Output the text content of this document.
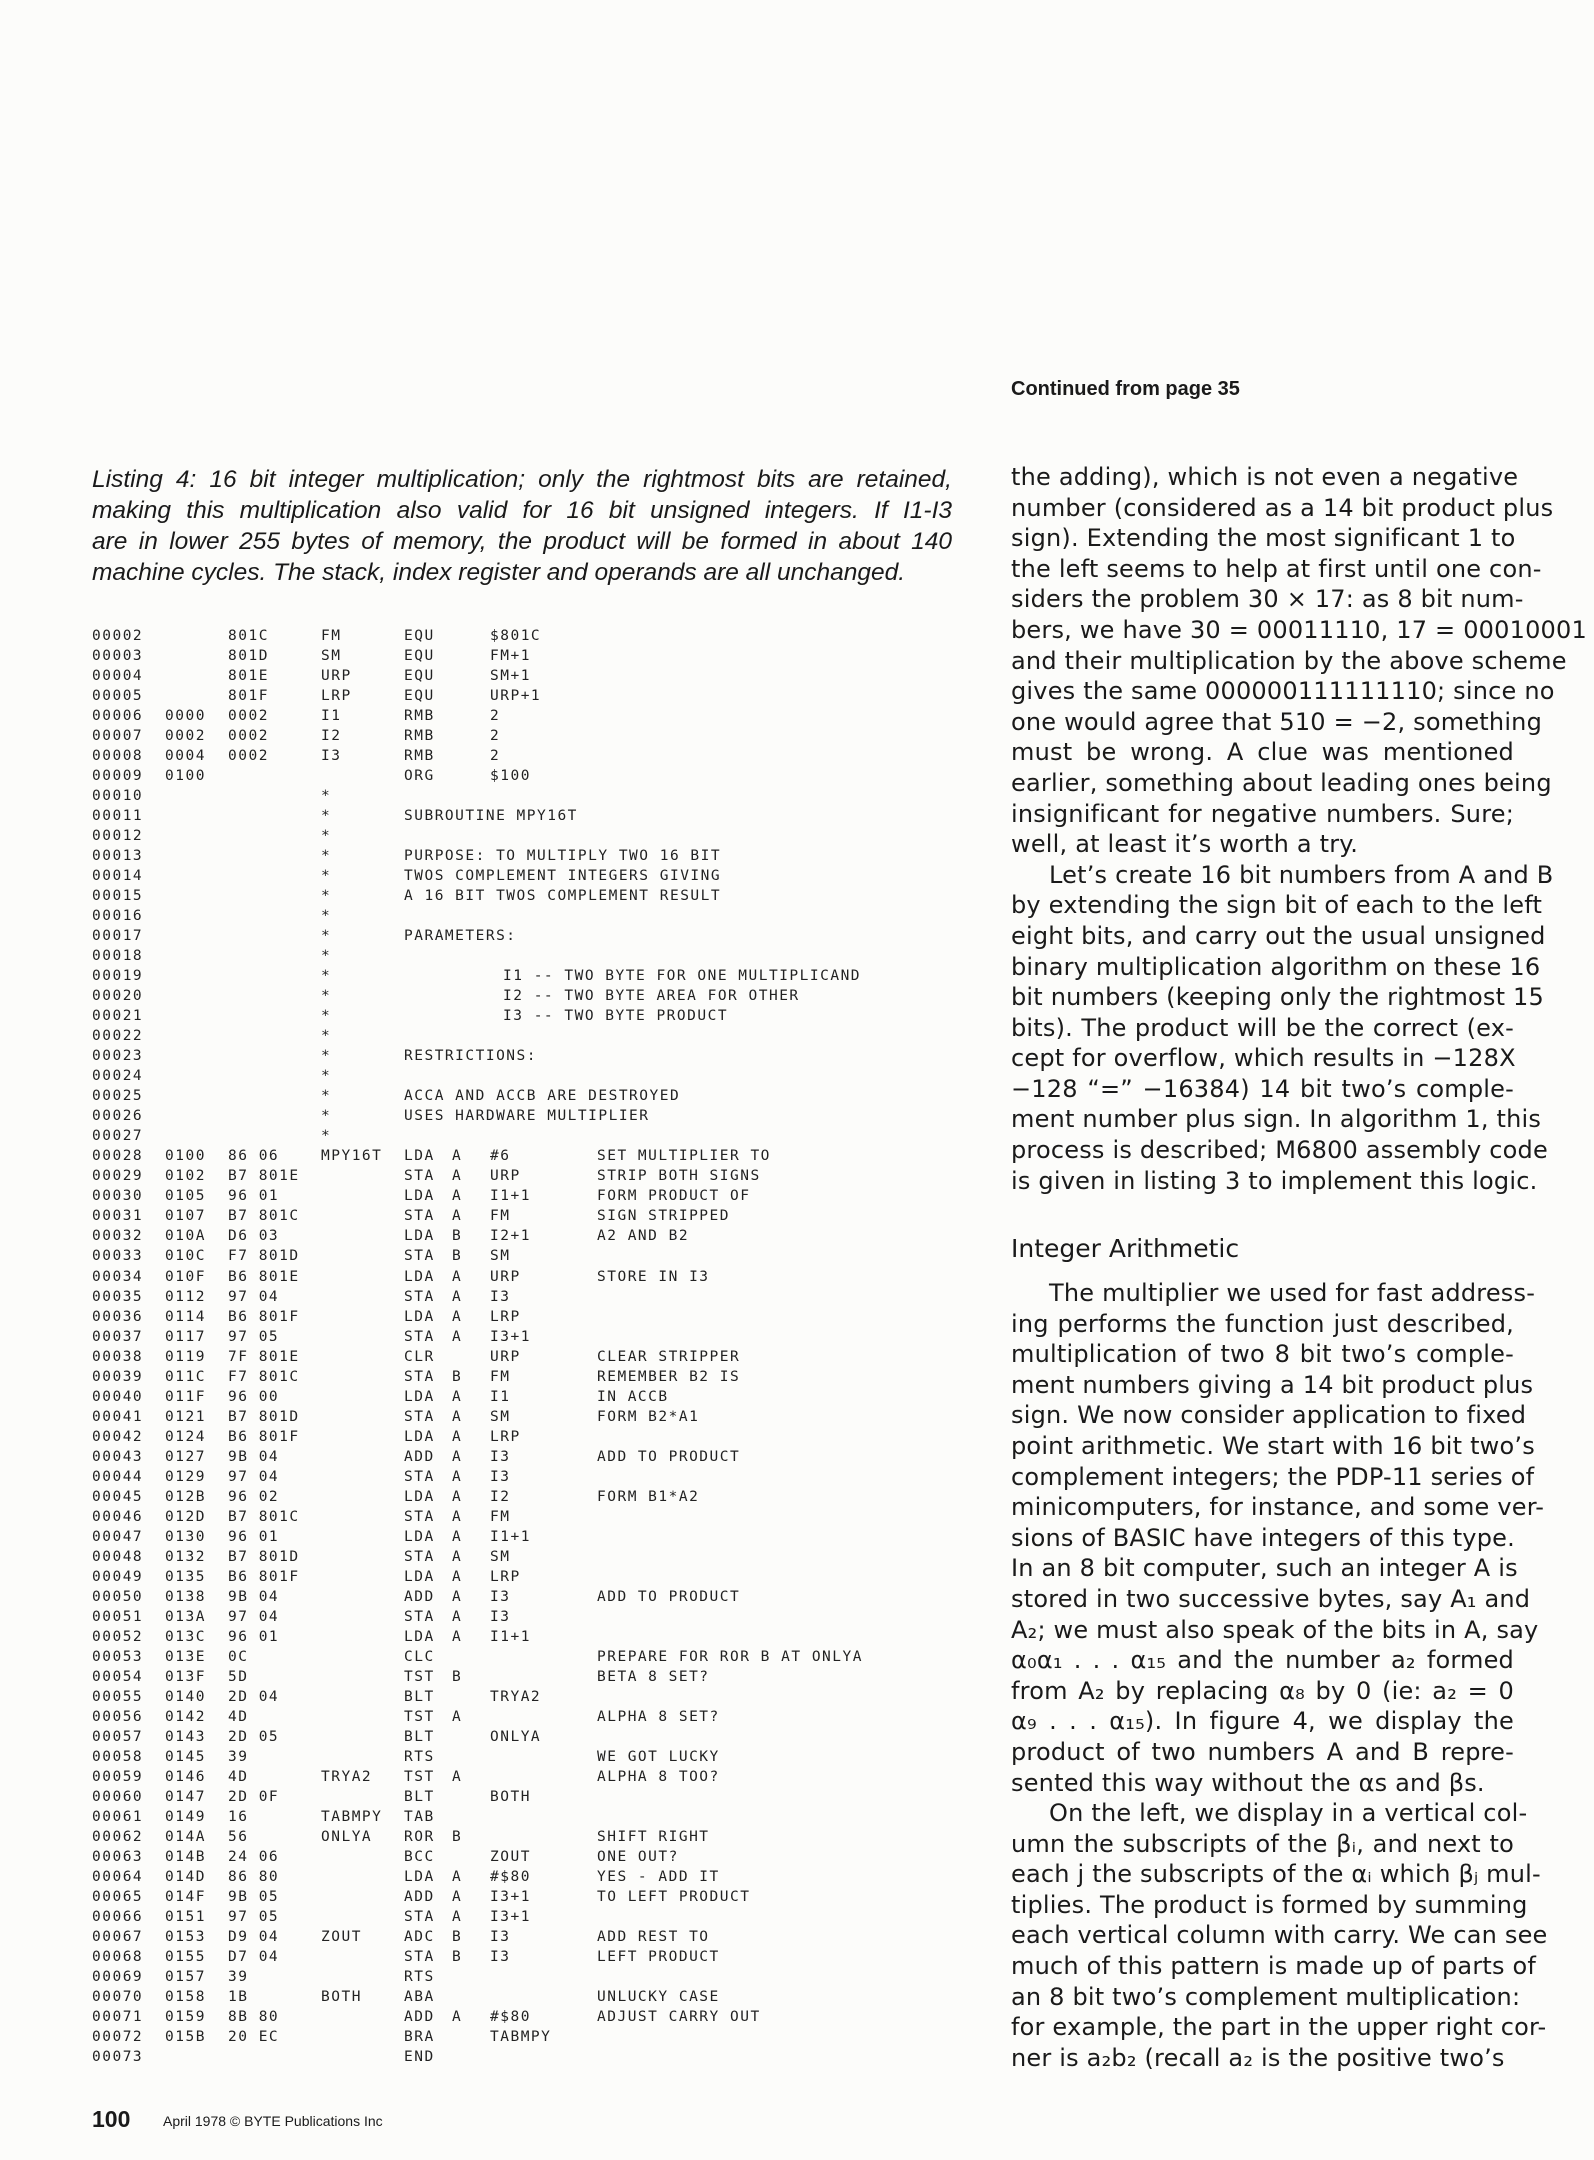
Continued from page 35
Listing 4: 16 bit integer multiplication; only the rightmost bits are retained,
making this multiplication also valid for 16 bit unsigned integers. If I1-I3
are in lower 255 bytes of memory, the product will be formed in about 140
machine cycles. The stack, index register and operands are all unchanged.
00002	801C	FM	EQU	$801C
00003	801D	SM	EQU	FM+1
00004	801E	URP	EQU	SM+1
00005	801F	LRP	EQU	URP+1
00006 0000 0002	I1	RMB	2
00007 0002 0002	I2	RMB	2
00008 0004 0002	I3	RMB	2
00009 0100	ORG	$100
00010	*
00011	*	SUBROUTINE MPY16T
00012	*
00013	*	PURPOSE: TO MULTIPLY TWO 16 BIT
00014	*	TWOS COMPLEMENT INTEGERS GIVING
00015	*	A 16 BIT TWOS COMPLEMENT RESULT
00016	*
00017	*	PARAMETERS:
00018	*
00019	*	I1 -- TWO BYTE FOR ONE MULTIPLICAND
00020	*	I2 -- TWO BYTE AREA FOR OTHER
00021	*	I3 -- TWO BYTE PRODUCT
00022	*
00023	*	RESTRICTIONS:
00024	*
00025	*	ACCA AND ACCB ARE DESTROYED
00026	*	USES HARDWARE MULTIPLIER
00027	*
00028 0100 86 06	MPY16T LDA A #6	SET MULTIPLIER TO
00029 0102 B7 801E	STA A URP	STRIP BOTH SIGNS
00030 0105 96 01	LDA A I1+1	FORM PRODUCT OF
00031 0107 B7 801C	STA A FM	SIGN STRIPPED
00032 010A D6 03	LDA B I2+1	A2 AND B2
00033 010C F7 801D	STA B SM
00034 010F B6 801E	LDA A URP	STORE IN I3
00035 0112 97 04	STA A I3
00036 0114 B6 801F	LDA A LRP
00037 0117 97 05	STA A I3+1
00038 0119 7F 801E	CLR	URP	CLEAR STRIPPER
00039 011C F7 801C	STA B FM	REMEMBER B2 IS
00040 011F 96 00	LDA A I1	IN ACCB
00041 0121 B7 801D	STA A SM	FORM B2*A1
00042 0124 B6 801F	LDA A LRP
00043 0127 9B 04	ADD A I3	ADD TO PRODUCT
00044 0129 97 04	STA A I3
00045 012B 96 02	LDA A I2	FORM B1*A2
00046 012D B7 801C	STA A FM
00047 0130 96 01	LDA A I1+1
00048 0132 B7 801D	STA A SM
00049 0135 B6 801F	LDA A LRP
00050 0138 9B 04	ADD A I3	ADD TO PRODUCT
00051 013A 97 04	STA A I3
00052 013C 96 01	LDA A I1+1
00053 013E 0C	CLC	PREPARE FOR ROR B AT ONLYA
00054 013F 5D	TST B	BETA 8 SET?
00055 0140 2D 04	BLT	TRYA2
00056 0142 4D	TST A	ALPHA 8 SET?
00057 0143 2D 05	BLT	ONLYA
00058 0145 39	RTS	WE GOT LUCKY
00059 0146 4D	TRYA2 TST A	ALPHA 8 TOO?
00060 0147 2D 0F	BLT	BOTH
00061 0149 16	TABMPY TAB
00062 014A 56	ONLYA ROR B	SHIFT RIGHT
00063 014B 24 06	BCC	ZOUT	ONE OUT?
00064 014D 86 80	LDA A #$80	YES - ADD IT
00065 014F 9B 05	ADD A I3+1	TO LEFT PRODUCT
00066 0151 97 05	STA A I3+1
00067 0153 D9 04	ZOUT	ADC B I3	ADD REST TO
00068 0155 D7 04	STA B I3	LEFT PRODUCT
00069 0157 39	RTS
00070 0158 1B	BOTH	ABA	UNLUCKY CASE
00071 0159 8B 80	ADD A #$80	ADJUST CARRY OUT
00072 015B 20 EC	BRA	TABMPY
00073	END
the adding), which is not even a negative
number (considered as a 14 bit product plus
sign). Extending the most significant 1 to
the left seems to help at first until one con-
siders the problem 30 × 17: as 8 bit num-
bers, we have 30 = 00011110, 17 = 00010001
and their multiplication by the above scheme
gives the same 000000111111110; since no
one would agree that 510 = −2, something
must be wrong. A clue was mentioned
earlier, something about leading ones being
insignificant for negative numbers. Sure;
well, at least it’s worth a try.
Let’s create 16 bit numbers from A and B
by extending the sign bit of each to the left
eight bits, and carry out the usual unsigned
binary multiplication algorithm on these 16
bit numbers (keeping only the rightmost 15
bits). The product will be the correct (ex-
cept for overflow, which results in −128X
−128 “=” −16384) 14 bit two’s comple-
ment number plus sign. In algorithm 1, this
process is described; M6800 assembly code
is given in listing 3 to implement this logic.
Integer Arithmetic
The multiplier we used for fast address-
ing performs the function just described,
multiplication of two 8 bit two’s comple-
ment numbers giving a 14 bit product plus
sign. We now consider application to fixed
point arithmetic. We start with 16 bit two’s
complement integers; the PDP-11 series of
minicomputers, for instance, and some ver-
sions of BASIC have integers of this type.
In an 8 bit computer, such an integer A is
stored in two successive bytes, say A₁ and
A₂; we must also speak of the bits in A, say
α₀α₁ . . . α₁₅ and the number a₂ formed
from A₂ by replacing α₈ by 0 (ie: a₂ = 0
α₉ . . . α₁₅). In figure 4, we display the
product of two numbers A and B repre-
sented this way without the αs and βs.
On the left, we display in a vertical col-
umn the subscripts of the βᵢ, and next to
each j the subscripts of the αᵢ which βⱼ mul-
tiplies. The product is formed by summing
each vertical column with carry. We can see
much of this pattern is made up of parts of
an 8 bit two’s complement multiplication:
for example, the part in the upper right cor-
ner is a₂b₂ (recall a₂ is the positive two’s
100 April 1978 © BYTE Publications Inc
